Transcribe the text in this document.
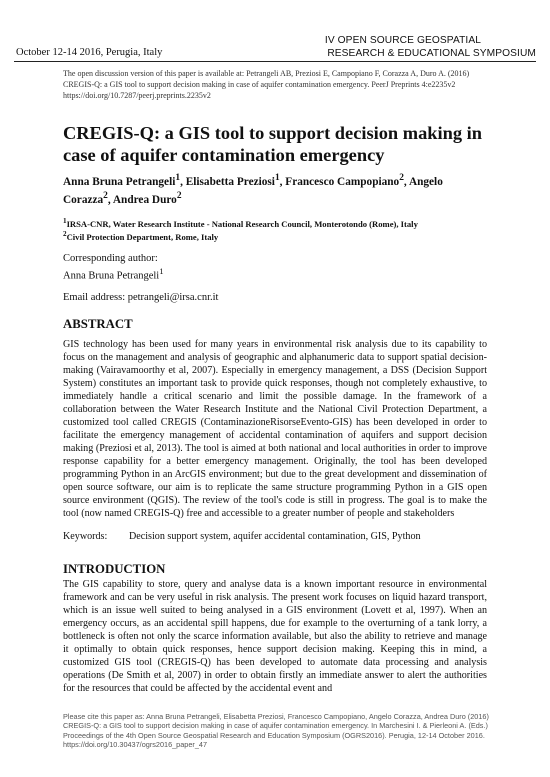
October 12-14 2016, Perugia, Italy
IV OPEN SOURCE GEOSPATIAL
RESEARCH & EDUCATIONAL SYMPOSIUM
The open discussion version of this paper is available at: Petrangeli AB, Preziosi E, Campopiano F, Corazza A, Duro A. (2016) CREGIS-Q: a GIS tool to support decision making in case of aquifer contamination emergency. PeerJ Preprints 4:e2235v2 https://doi.org/10.7287/peerj.preprints.2235v2
CREGIS-Q: a GIS tool to support decision making in case of aquifer contamination emergency
Anna Bruna Petrangeli$^1$, Elisabetta Preziosi$^1$, Francesco Campopiano$^2$, Angelo Corazza$^2$, Andrea Duro$^2$
$^1$IRSA-CNR, Water Research Institute - National Research Council, Monterotondo (Rome), Italy
$^2$Civil Protection Department, Rome, Italy
Corresponding author:
Anna Bruna Petrangeli$^1$
Email address: petrangeli@irsa.cnr.it
ABSTRACT

GIS technology has been used for many years in environmental risk analysis due to its capability to focus on the management and analysis of geographic and alphanumeric data to support spatial decision-making (Vairavamoorthy et al, 2007). Especially in emergency management, a DSS (Decision Support System) constitutes an important task to provide quick responses, though not completely exhaustive, to immediately handle a critical scenario and limit the possible damage. In the framework of a collaboration between the Water Research Institute and the National Civil Protection Department, a customized tool called CREGIS (ContaminazioneRisorseEvento-GIS) has been developed in order to facilitate the emergency management of accidental contamination of aquifers and support decision making (Preziosi et al, 2013). The tool is aimed at both national and local authorities in order to improve response capability for a better emergency management. Originally, the tool has been developed programming Python in an ArcGIS environment; but due to the great development and dissemination of open source software, our aim is to replicate the same structure programming Python in a GIS open source environment (QGIS). The review of the tool's code is still in progress. The goal is to make the tool (now named CREGIS-Q) free and accessible to a greater number of people and stakeholders

Keywords: Decision support system, aquifer accidental contamination, GIS, Python
INTRODUCTION

The GIS capability to store, query and analyse data is a known important resource in environmental framework and can be very useful in risk analysis. The present work focuses on liquid hazard transport, which is an issue well suited to being analysed in a GIS environment (Lovett et al, 1997). When an emergency occurs, as an accidental spill happens, due for example to the overturning of a tank lorry, a bottleneck is often not only the scarce information available, but also the ability to retrieve and manage it optimally to obtain quick responses, hence support decision making. Keeping this in mind, a customized GIS tool (CREGIS-Q) has been developed to automate data processing and analysis operations (De Smith et al, 2007) in order to obtain firstly an immediate answer to alert the authorities for the resources that could be affected by the accidental event and

Please cite this paper as: Anna Bruna Petrangeli, Elisabetta Preziosi, Francesco Campopiano, Angelo Corazza, Andrea Duro (2016) CREGIS-Q: a GIS tool to support decision making in case of aquifer contamination emergency. In Marchesini I. & Pierleoni A. (Eds.) Proceedings of the 4th Open Source Geospatial Research and Education Symposium (OGRS2016). Perugia, 12-14 October 2016. https://doi.org/10.30437/ogrs2016_paper_47
